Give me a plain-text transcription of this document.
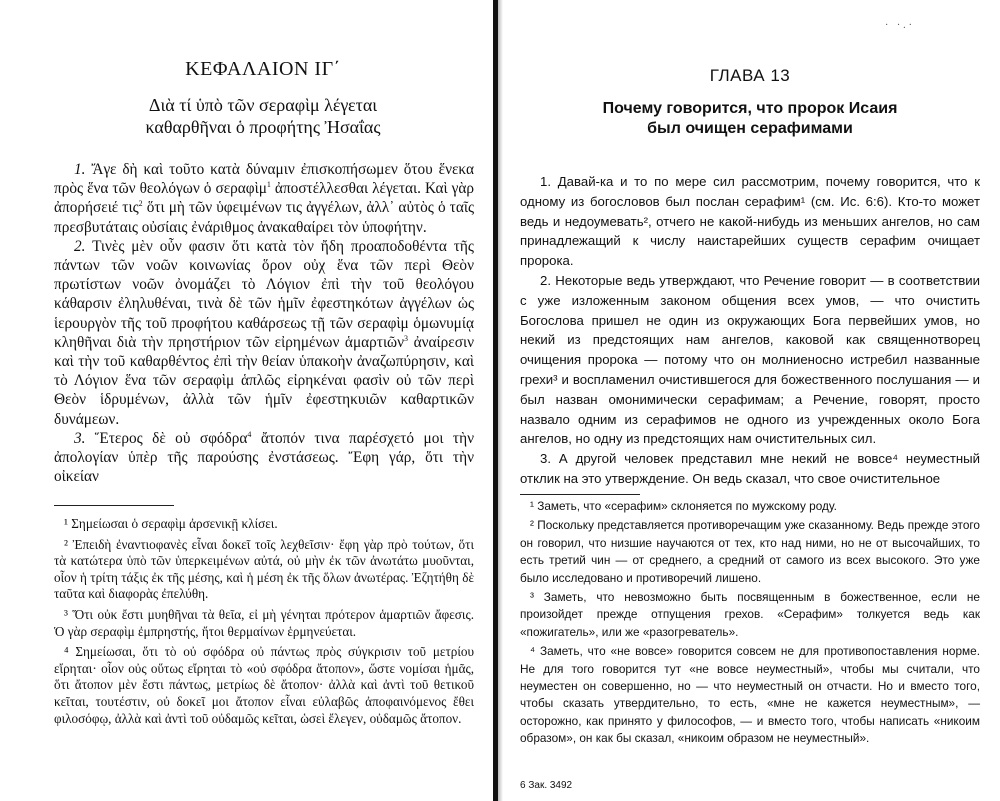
· ·.·
ΚΕΦΑΛΑΙΟΝ ΙΓ΄

Διὰ τί ὑπὸ τῶν σεραφὶμ λέγεται

καθαρθῆναι ὁ προφήτης Ἠσαΐας

1. Ἄγε δὴ καὶ τοῦτο κατὰ δύναμιν ἐπισκοπήσωμεν ὅτου ἕνεκα πρὸς ἕνα τῶν θεολόγων ὁ σεραφὶμ$^1$ ἀποστέλλεσθαι λέγεται. Καὶ γὰρ ἀπορήσειέ τις$^2$ ὅτι μὴ τῶν ὑφειμένων τις ἀγγέλων, ἀλλ᾽ αὐτὸς ὁ ταῖς πρεσβυτάταις οὐσίαις ἐνάριθμος ἀνακαθαίρει τὸν ὑποφήτην.

2. Τινὲς μὲν οὖν φασιν ὅτι κατὰ τὸν ἤδη προαποδοθέντα τῆς πάντων τῶν νοῶν κοινωνίας ὅρον οὐχ ἕνα τῶν περὶ Θεὸν πρωτίστων νοῶν ὀνομάζει τὸ Λόγιον ἐπὶ τὴν τοῦ θεολόγου κάθαρσιν ἐληλυθέναι, τινὰ δὲ τῶν ἡμῖν ἐφεστηκότων ἀγγέλων ὡς ἱερουργὸν τῆς τοῦ προφήτου καθάρσεως τῇ τῶν σεραφὶμ ὁμωνυμίᾳ κληθῆναι διὰ τὴν πρηστήριον τῶν εἰρημένων ἁμαρτιῶν$^3$ ἀναίρεσιν καὶ τὴν τοῦ καθαρθέντος ἐπὶ τὴν θείαν ὑπακοὴν ἀναζωπύρησιν, καὶ τὸ Λόγιον ἕνα τῶν σεραφὶμ ἁπλῶς εἰρηκέναι φασὶν οὐ τῶν περὶ Θεὸν ἱδρυμένων, ἀλλὰ τῶν ἡμῖν ἐφεστηκυιῶν καθαρτικῶν δυνάμεων.

3. Ἕτερος δὲ οὐ σφόδρα$^4$ ἄτοπόν τινα παρέσχετό μοι τὴν ἀπολογίαν ὑπὲρ τῆς παρούσης ἐνστάσεως. Ἔφη γάρ, ὅτι τὴν οἰκείαν

¹ Σημείωσαι ὁ σεραφὶμ ἀρσενικῇ κλίσει.

² Ἐπειδὴ ἐναντιοφανὲς εἶναι δοκεῖ τοῖς λεχθεῖσιν· ἔφη γὰρ πρὸ τούτων, ὅτι τὰ κατώτερα ὑπὸ τῶν ὑπερκειμένων αὐτά, οὐ μὴν ἐκ τῶν ἀνωτάτω μυοῦνται, οἷον ἡ τρίτη τάξις ἐκ τῆς μέσης, καὶ ἡ μέση ἐκ τῆς ὅλων ἀνωτέρας. Ἐζητήθη δὲ ταῦτα καὶ διαφορὰς ἐπελύθη.

³ Ὅτι οὐκ ἔστι μυηθῆναι τὰ θεῖα, εἰ μὴ γένηται πρότερον ἁμαρτιῶν ἄφεσις. Ὁ γὰρ σεραφὶμ ἐμπρηστής, ἤτοι θερμαίνων ἑρμηνεύεται.

⁴ Σημείωσαι, ὅτι τὸ οὐ σφόδρα οὐ πάντως πρὸς σύγκρισιν τοῦ μετρίου εἴρηται· οἷον οὐς οὕτως εἴρηται τὸ «οὐ σφόδρα ἄτοπον», ὥστε νομίσαι ἡμᾶς, ὅτι ἄτοπον μὲν ἔστι πάντως, μετρίως δὲ ἄτοπον· ἀλλὰ καὶ ἀντὶ τοῦ θετικοῦ κεῖται, τουτέστιν, οὐ δοκεῖ μοι ἄτοπον εἶναι εὐλαβῶς ἀποφαινόμενος ἔθει φιλοσόφῳ, ἀλλὰ καὶ ἀντὶ τοῦ οὐδαμῶς κεῖται, ὡσεὶ ἔλεγεν, οὐδαμῶς ἄτοπον.

ГЛАВА 13

Почему говорится, что пророк Исаия

был очищен серафимами

1. Давай-ка и то по мере сил рассмотрим, почему говорится, что к одному из богословов был послан серафим¹ (см. Ис. 6:6). Кто-то может ведь и недоумевать², отчего не какой-нибудь из меньших ангелов, но сам принадлежащий к числу наистарейших существ серафим очищает пророка.

2. Некоторые ведь утверждают, что Речение говорит — в соответствии с уже изложенным законом общения всех умов, — что очистить Богослова пришел не один из окружающих Бога первейших умов, но некий из предстоящих нам ангелов, каковой как священнотворец очищения пророка — потому что он молниеносно истребил названные грехи³ и воспламенил очистившегося для божественного послушания — и был назван омонимически серафимам; а Речение, говорят, просто назвало одним из серафимов не одного из учрежденных около Бога ангелов, но одну из предстоящих нам очистительных сил.

3. А другой человек представил мне некий не вовсе⁴ неуместный отклик на это утверждение. Он ведь сказал, что свое очистительное

¹ Заметь, что «серафим» склоняется по мужскому роду.

² Поскольку представляется противоречащим уже сказанному. Ведь прежде этого он говорил, что низшие научаются от тех, кто над ними, но не от высочайших, то есть третий чин — от среднего, а средний от самого из всех высокого. Это уже было исследовано и противоречий лишено.

³ Заметь, что невозможно быть посвященным в божественное, если не произойдет прежде отпущения грехов. «Серафим» толкуется ведь как «пожигатель», или же «разогреватель».

⁴ Заметь, что «не вовсе» говорится совсем не для противопоставления норме. Не для того говорится тут «не вовсе неуместный», чтобы мы считали, что неуместен он совершенно, но — что неуместный он отчасти. Но и вместо того, чтобы сказать утвердительно, то есть, «мне не кажется неуместным», —осторожно, как принято у философов, — и вместо того, чтобы написать «никоим образом», он как бы сказал, «никоим образом не неуместный».

6 Зак. 3492
